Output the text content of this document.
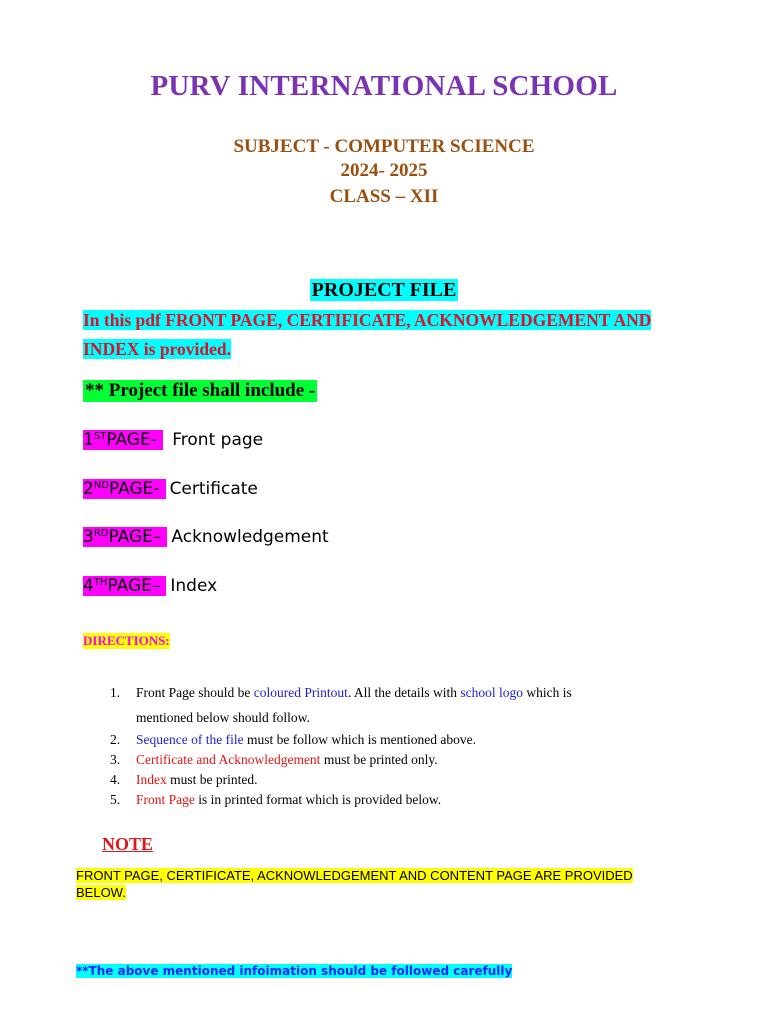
PURV INTERNATIONAL SCHOOL
SUBJECT - COMPUTER SCIENCE
2024- 2025
CLASS – XII
PROJECT FILE
In this pdf FRONT PAGE, CERTIFICATE, ACKNOWLEDGEMENT AND
INDEX is provided.
** Project file shall include -
1STPAGE- Front page
2NDPAGE- Certificate
3RDPAGE– Acknowledgement
4THPAGE– Index
DIRECTIONS:
1. Front Page should be coloured Printout. All the details with school logo which is
mentioned below should follow.
2. Sequence of the file must be follow which is mentioned above.
3. Certificate and Acknowledgement must be printed only.
4. Index must be printed.
5. Front Page is in printed format which is provided below.
NOTE
FRONT PAGE, CERTIFICATE, ACKNOWLEDGEMENT AND CONTENT PAGE ARE PROVIDED
BELOW.
**The above mentioned infoimation should be followed carefully
